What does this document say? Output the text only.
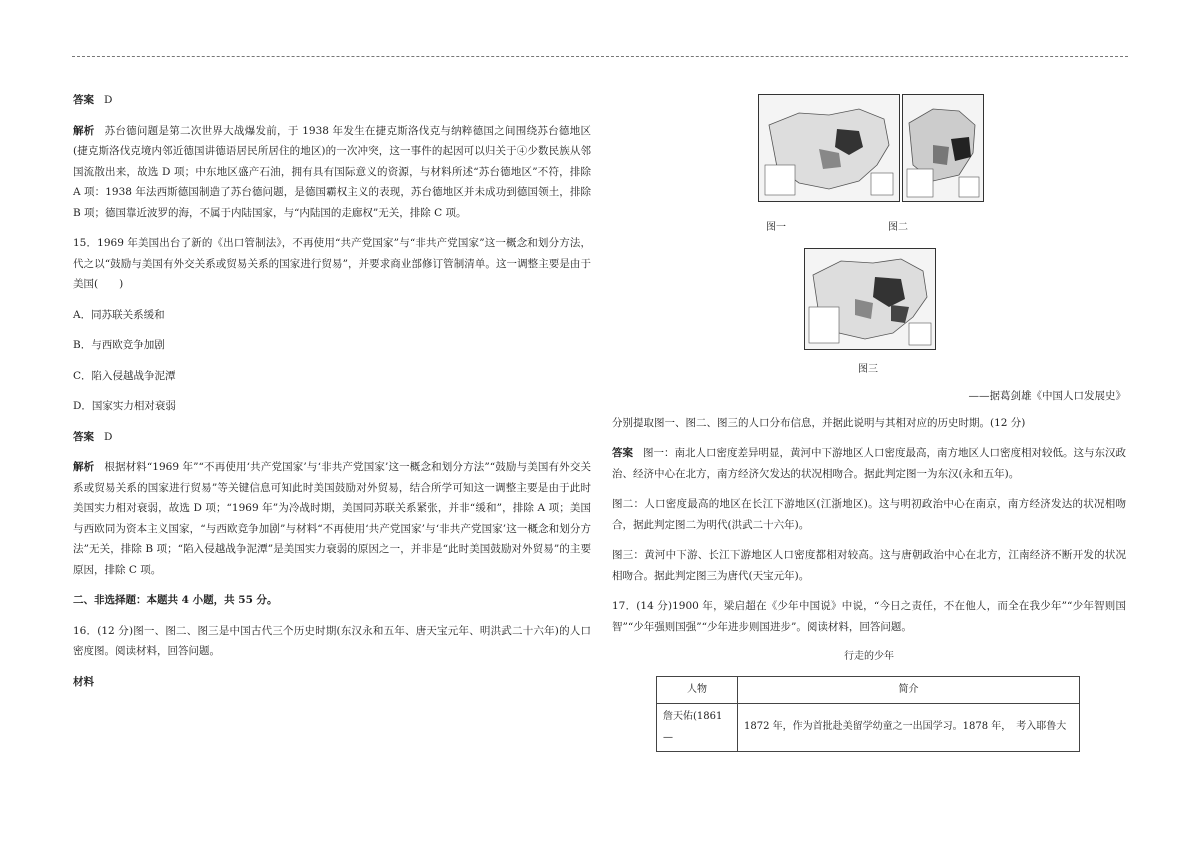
答案 D
解析 苏台德问题是第二次世界大战爆发前，于 1938 年发生在捷克斯洛伐克与纳粹德国之间围绕苏台德地区(捷克斯洛伐克境内邻近德国讲德语居民所居住的地区)的一次冲突，这一事件的起因可以归关于④少数民族从邻国流散出来，故选 D 项；中东地区盛产石油，拥有具有国际意义的资源，与材料所述“苏台德地区”不符，排除 A 项：1938 年法西斯德国制造了苏台德问题，是德国霸权主义的表现，苏台德地区并未成功到德国领土，排除 B 项；德国靠近波罗的海，不属于内陆国家，与“内陆国的走廊权”无关，排除 C 项。
15．1969 年美国出台了新的《出口管制法》，不再使用“共产党国家”与“非共产党国家”这一概念和划分方法，代之以“鼓励与美国有外交关系或贸易关系的国家进行贸易”，并要求商业部修订管制清单。这一调整主要是由于美国(　　)
A．同苏联关系缓和
B．与西欧竞争加剧
C．陷入侵越战争泥潭
D．国家实力相对衰弱
答案 D
解析 根据材料“1969 年”“不再使用‘共产党国家’与‘非共产党国家’这一概念和划分方法”“鼓励与美国有外交关系或贸易关系的国家进行贸易”等关键信息可知此时美国鼓励对外贸易，结合所学可知这一调整主要是由于此时美国实力相对衰弱，故选 D 项；“1969 年”为冷战时期，美国同苏联关系紧张，并非“缓和”，排除 A 项；美国与西欧同为资本主义国家，“与西欧竞争加剧”与材料“不再使用‘共产党国家’与‘非共产党国家’这一概念和划分方法”无关，排除 B 项；“陷入侵越战争泥潭”是美国实力衰弱的原因之一，并非是“此时美国鼓励对外贸易”的主要原因，排除 C 项。
二、非选择题：本题共 4 小题，共 55 分。
16．(12 分)图一、图二、图三是中国古代三个历史时期(东汉永和五年、唐天宝元年、明洪武二十六年)的人口密度图。阅读材料，回答问题。
材料
图一	图二
图三
——据葛剑雄《中国人口发展史》
分别提取图一、图二、图三的人口分布信息，并据此说明与其相对应的历史时期。(12 分)
答案 图一：南北人口密度差异明显，黄河中下游地区人口密度最高，南方地区人口密度相对较低。这与东汉政治、经济中心在北方，南方经济欠发达的状况相吻合。据此判定图一为东汉(永和五年)。
图二：人口密度最高的地区在长江下游地区(江浙地区)。这与明初政治中心在南京，南方经济发达的状况相吻合，据此判定图二为明代(洪武二十六年)。
图三：黄河中下游、长江下游地区人口密度都相对较高。这与唐朝政治中心在北方，江南经济不断开发的状况相吻合。据此判定图三为唐代(天宝元年)。
17．(14 分)1900 年，梁启超在《少年中国说》中说，“今日之责任，不在他人，而全在我少年”“少年智则国智”“少年强则国强”“少年进步则国进步”。阅读材料，回答问题。
行走的少年
人物	简介
詹天佑(1861—	1872 年，作为首批赴美留学幼童之一出国学习。1878 年，　考入耶鲁大
